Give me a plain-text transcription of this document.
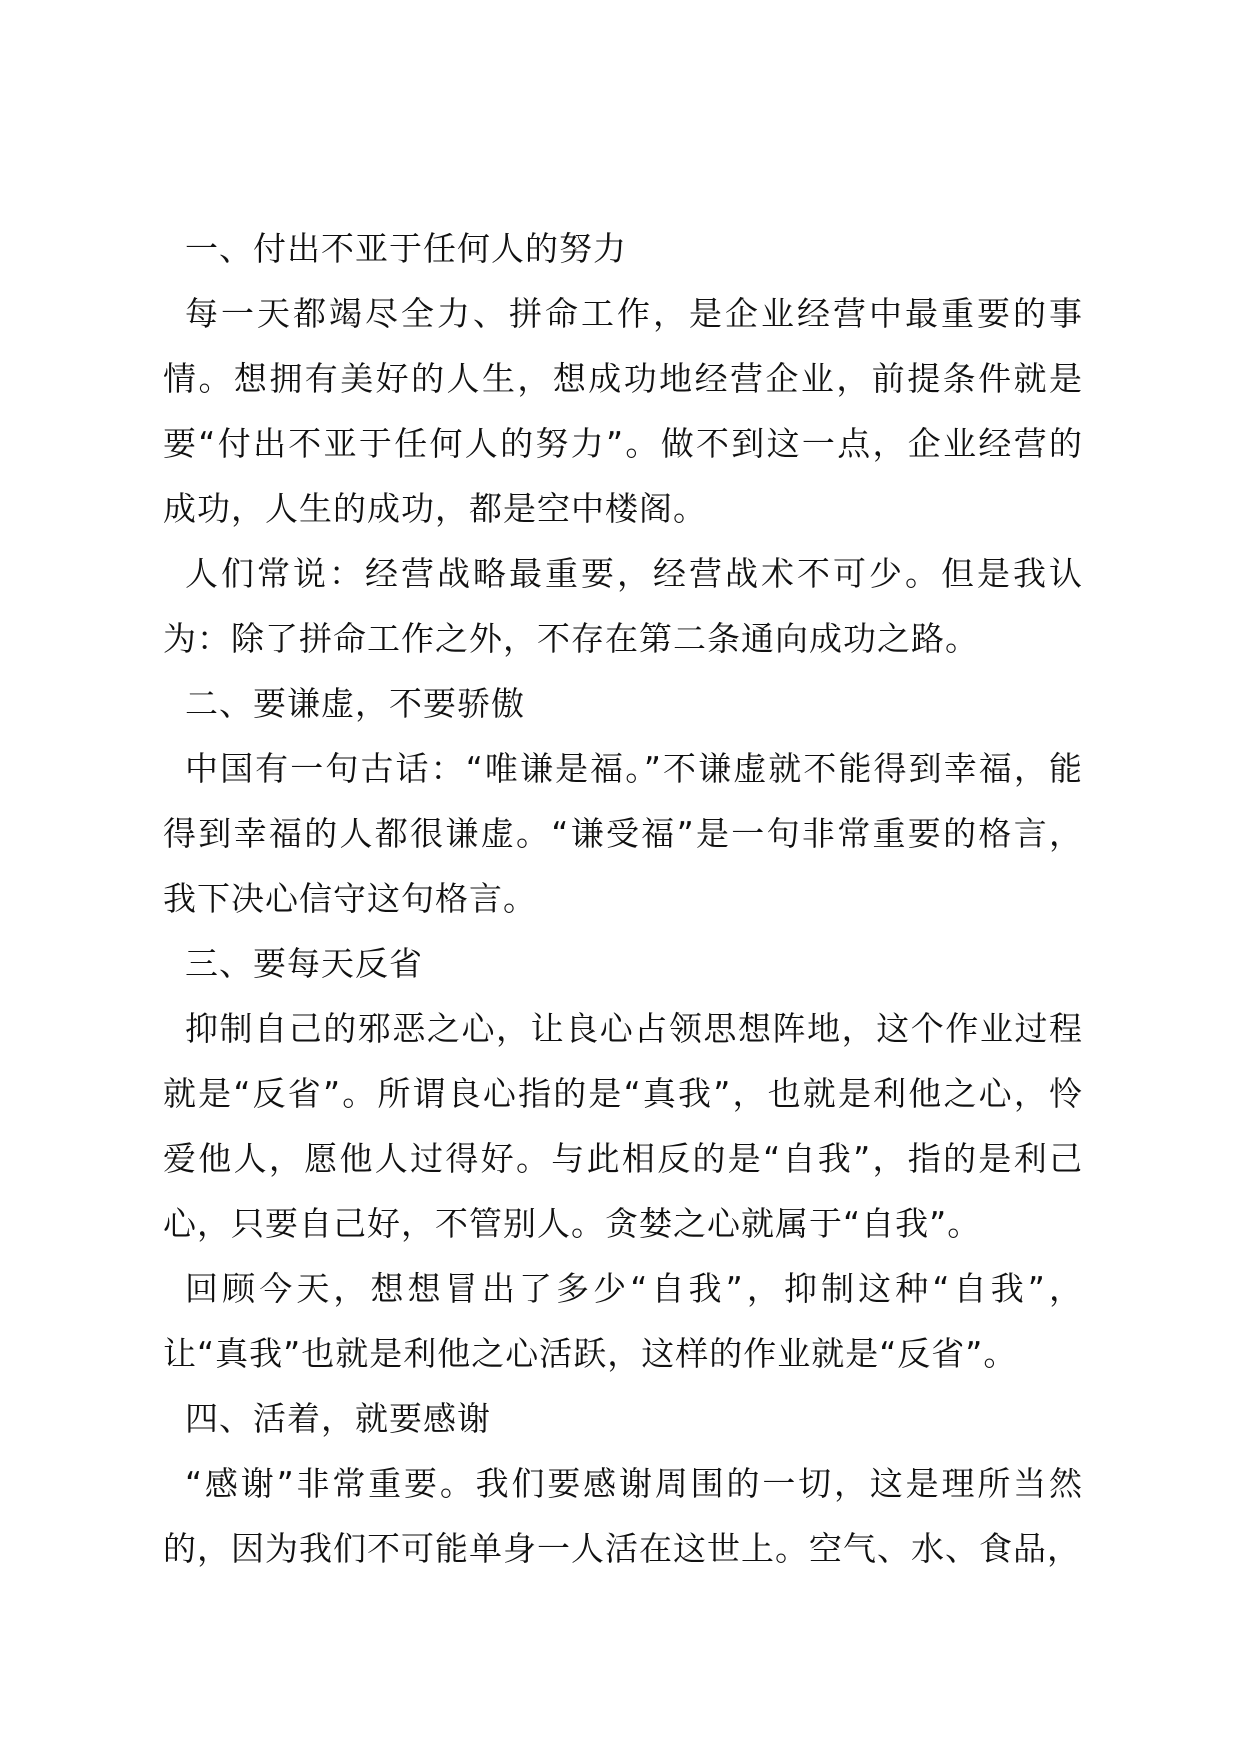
一、付出不亚于任何人的努力

每一天都竭尽全力、拼命工作，是企业经营中最重要的事情。想拥有美好的人生，想成功地经营企业，前提条件就是要“付出不亚于任何人的努力”。做不到这一点，企业经营的成功，人生的成功，都是空中楼阁。

人们常说：经营战略最重要，经营战术不可少。但是我认为：除了拼命工作之外，不存在第二条通向成功之路。

二、要谦虚，不要骄傲

中国有一句古话：“唯谦是福。”不谦虚就不能得到幸福，能得到幸福的人都很谦虚。“谦受福”是一句非常重要的格言，我下决心信守这句格言。

三、要每天反省

抑制自己的邪恶之心，让良心占领思想阵地，这个作业过程就是“反省”。所谓良心指的是“真我”，也就是利他之心，怜爱他人，愿他人过得好。与此相反的是“自我”，指的是利己心，只要自己好，不管别人。贪婪之心就属于“自我”。

回顾今天，想想冒出了多少“自我”，抑制这种“自我”，让“真我”也就是利他之心活跃，这样的作业就是“反省”。

四、活着，就要感谢

“感谢”非常重要。我们要感谢周围的一切，这是理所当然的，因为我们不可能单身一人活在这世上。空气、水、食品，
